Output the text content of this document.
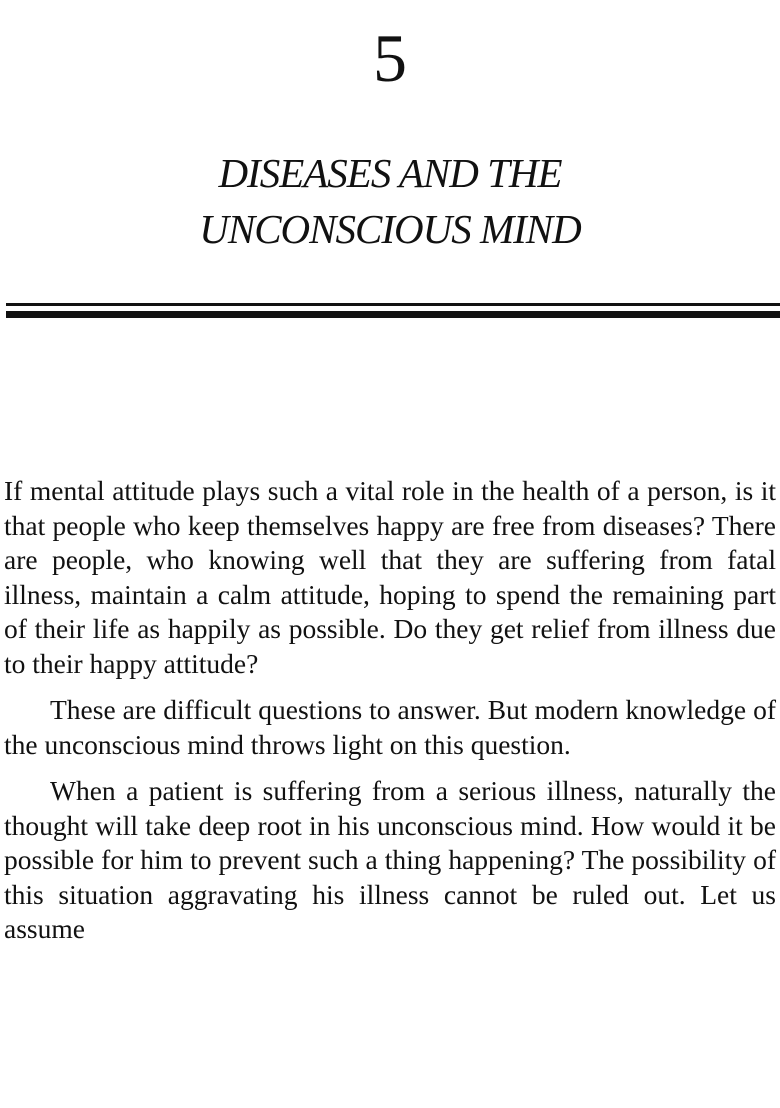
5
DISEASES AND THE
UNCONSCIOUS MIND

If mental attitude plays such a vital role in the health of a person, is it that people who keep themselves happy are free from diseases? There are people, who knowing well that they are suffering from fatal illness, maintain a calm attitude, hoping to spend the remaining part of their life as happily as possible. Do they get relief from illness due to their happy attitude?

These are difficult questions to answer. But modern knowledge of the unconscious mind throws light on this question.

When a patient is suffering from a serious illness, naturally the thought will take deep root in his unconscious mind. How would it be possible for him to prevent such a thing happening? The possibility of this situation aggravating his illness cannot be ruled out. Let us assume
